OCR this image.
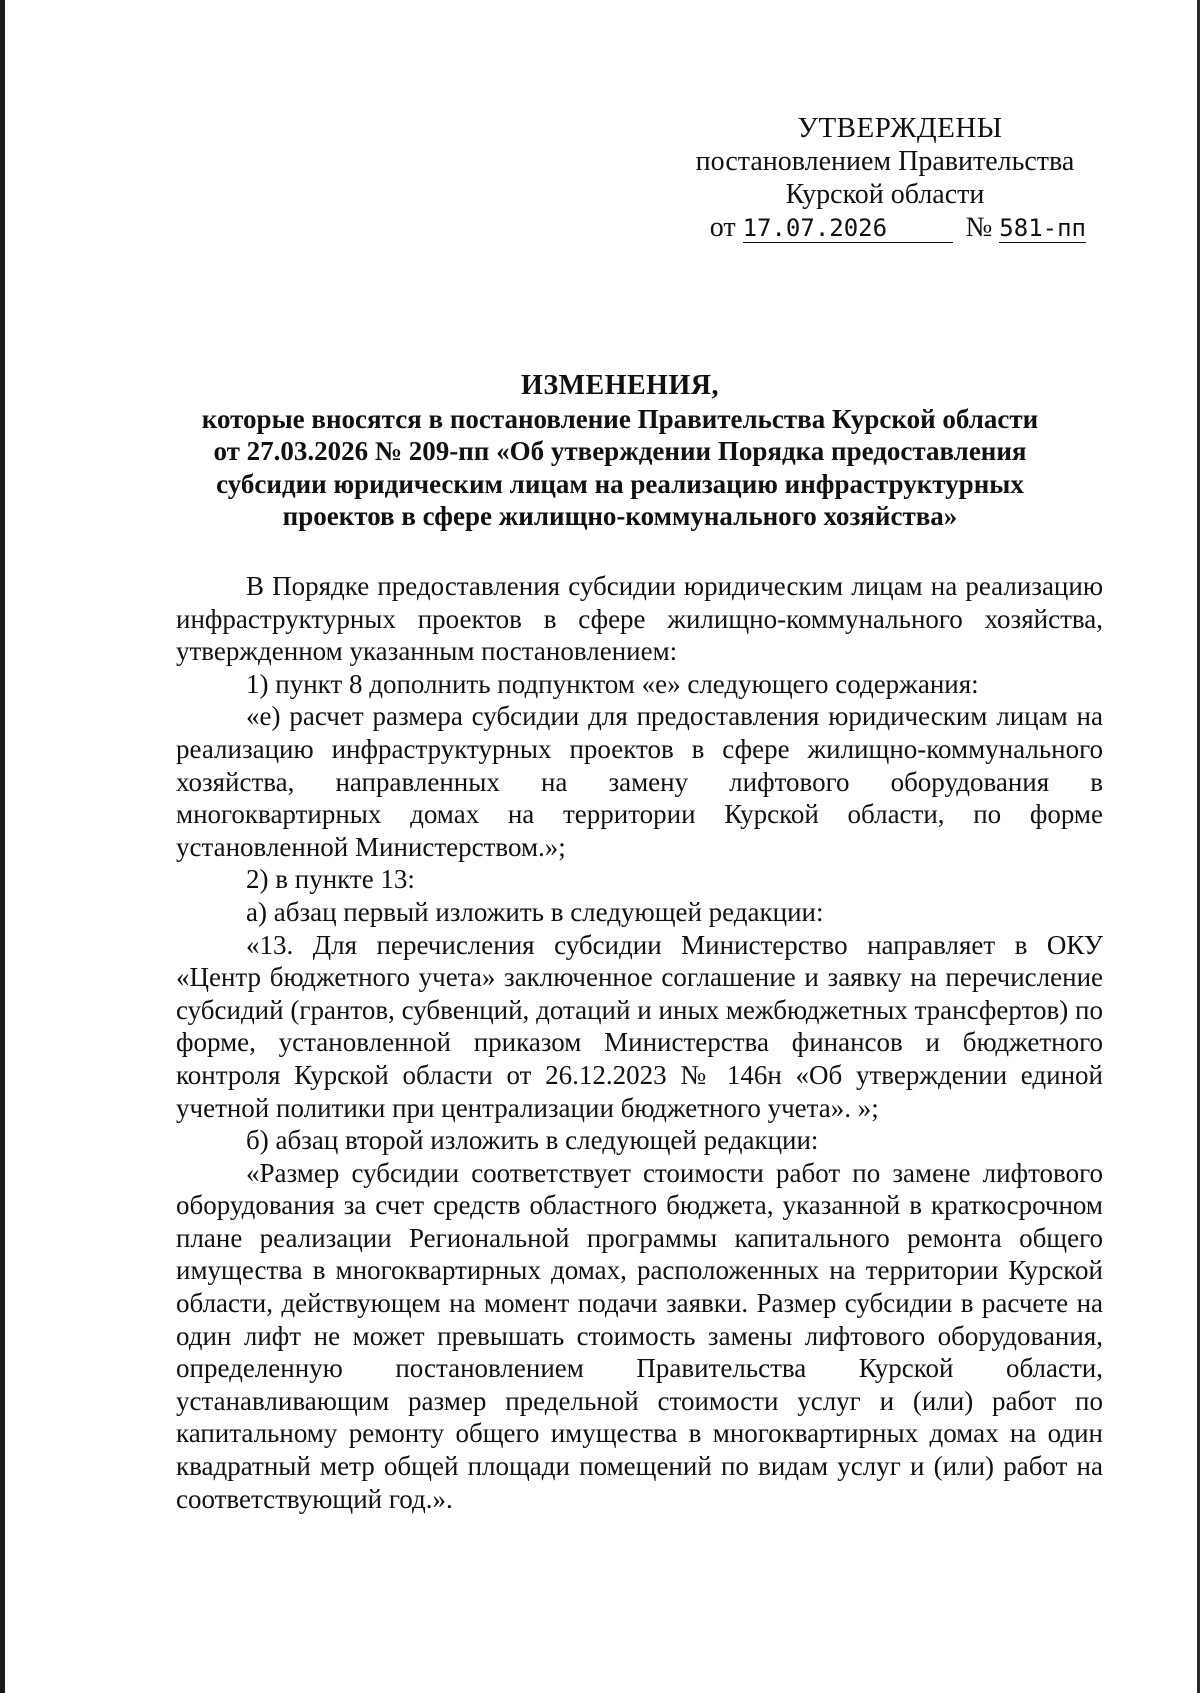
УТВЕРЖДЕНЫ
постановлением Правительства
Курской области
от 17.07.2026	№ 581-пп
ИЗМЕНЕНИЯ,
которые вносятся в постановление Правительства Курской области
от 27.03.2026 № 209-пп «Об утверждении Порядка предоставления
субсидии юридическим лицам на реализацию инфраструктурных
проектов в сфере жилищно-коммунального хозяйства»

В Порядке предоставления субсидии юридическим лицам на реализацию инфраструктурных проектов в сфере жилищно-коммунального хозяйства, утвержденном указанным постановлением:

1) пункт 8 дополнить подпунктом «е» следующего содержания:

«е) расчет размера субсидии для предоставления юридическим лицам на реализацию инфраструктурных проектов в сфере жилищно-коммунального хозяйства, направленных на замену лифтового оборудования в многоквартирных домах на территории Курской области, по форме установленной Министерством.»;

2) в пункте 13:

а) абзац первый изложить в следующей редакции:

«13. Для перечисления субсидии Министерство направляет в ОКУ «Центр бюджетного учета» заключенное соглашение и заявку на перечисление субсидий (грантов, субвенций, дотаций и иных межбюджетных трансфертов) по форме, установленной приказом Министерства финансов и бюджетного контроля Курской области от 26.12.2023 № 146н «Об утверждении единой учетной политики при централизации бюджетного учета». »;

б) абзац второй изложить в следующей редакции:

«Размер субсидии соответствует стоимости работ по замене лифтового оборудования за счет средств областного бюджета, указанной в краткосрочном плане реализации Региональной программы капитального ремонта общего имущества в многоквартирных домах, расположенных на территории Курской области, действующем на момент подачи заявки. Размер субсидии в расчете на один лифт не может превышать стоимость замены лифтового оборудования, определенную постановлением Правительства Курской области, устанавливающим размер предельной стоимости услуг и (или) работ по капитальному ремонту общего имущества в многоквартирных домах на один квадратный метр общей площади помещений по видам услуг и (или) работ на соответствующий год.».
